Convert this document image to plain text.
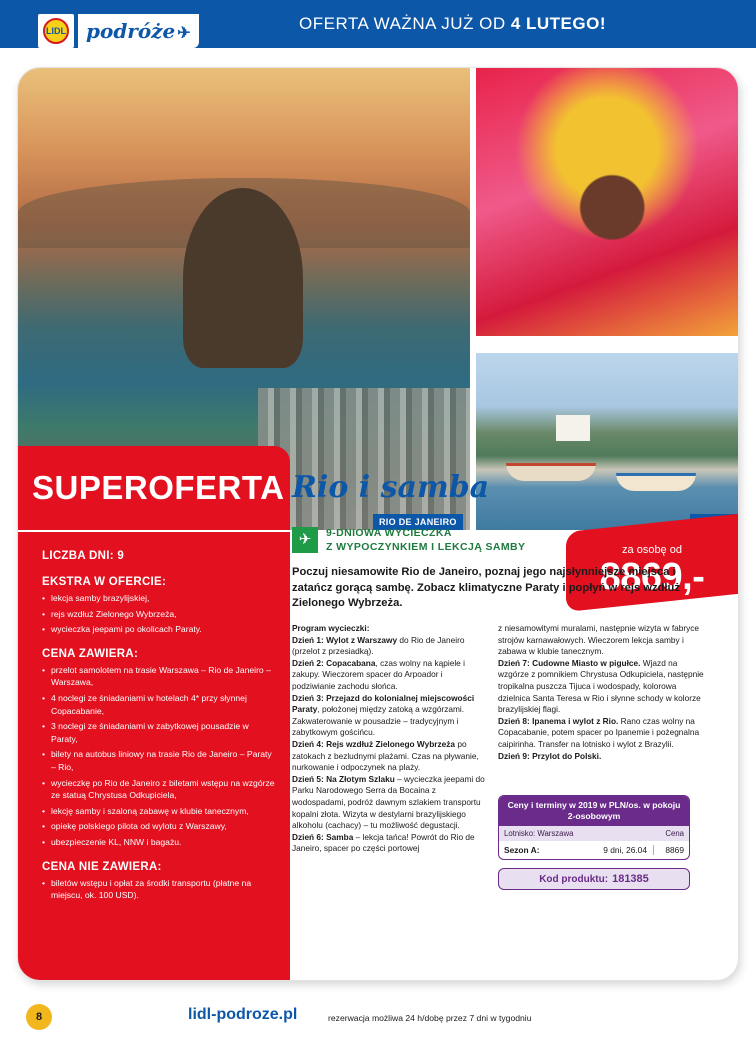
LIDL	podróże ✈	OFERTA WAŻNA JUŻ OD 4 LUTEGO!
RIO DE JANEIRO
SUPEROFERTA
LICZBA DNI: 9
EKSTRA W OFERCIE:
• lekcja samby brazylijskiej,
• rejs wzdłuż Zielonego Wybrzeża,
• wycieczka jeepami po okolicach Paraty.
CENA ZAWIERA:
• przelot samolotem na trasie Warszawa – Rio de Janeiro – Warszawa,
• 4 noclegi ze śniadaniami w hotelach 4* przy słynnej Copacabanie,
• 3 noclegi ze śniadaniami w zabytkowej pousadzie w Paraty,
• bilety na autobus liniowy na trasie Rio de Janeiro – Paraty – Rio,
• wycieczkę po Rio de Janeiro z biletami wstępu na wzgórze ze statuą Chrystusa Odkupiciela,
• lekcję samby i szaloną zabawę w klubie tanecznym,
• opiekę polskiego pilota od wylotu z Warszawy,
• ubezpieczenie KL, NNW i bagażu.
CENA NIE ZAWIERA:
• biletów wstępu i opłat za środki transportu (płatne na miejscu, ok. 100 USD).
za osobę od
8869,-
Rio i samba
✈	9-DNIOWA WYCIECZKA
Z WYPOCZYNKIEM I LEKCJĄ SAMBY
Poczuj niesamowite Rio de Janeiro, poznaj jego najsłynniejsze miejsca i zatańcz gorącą sambę. Zobacz klimatyczne Paraty i popłyń w rejs wzdłuż Zielonego Wybrzeża.
Program wycieczki:
Dzień 1: Wylot z Warszawy do Rio de Janeiro (przelot z przesiadką).
Dzień 2: Copacabana, czas wolny na kąpiele i zakupy. Wieczorem spacer do Arpoador i podziwianie zachodu słońca.
Dzień 3: Przejazd do kolonialnej miejscowości Paraty, położonej między zatoką a wzgórzami. Zakwaterowanie w pousadzie – tradycyjnym i zabytkowym gościńcu.
Dzień 4: Rejs wzdłuż Zielonego Wybrzeża po zatokach z bezludnymi plażami. Czas na pływanie, nurkowanie i odpoczynek na plaży.
Dzień 5: Na Złotym Szlaku – wycieczka jeepami do Parku Narodowego Serra da Bocaina z wodospadami, podróż dawnym szlakiem transportu kopalni złota. Wizyta w destylarni brazylijskiego alkoholu (cachacy) – tu możliwość degustacji.
Dzień 6: Samba – lekcja tańca! Powrót do Rio de Janeiro, spacer po części portowej
z niesamowitymi muralami, następnie wizyta w fabryce strojów karnawałowych. Wieczorem lekcja samby i zabawa w klubie tanecznym.
Dzień 7: Cudowne Miasto w pigułce. Wjazd na wzgórze z pomnikiem Chrystusa Odkupiciela, następnie tropikalna puszcza Tijuca i wodospady, kolorowa dzielnica Santa Teresa w Rio i słynne schody w kolorze brazylijskiej flagi.
Dzień 8: Ipanema i wylot z Rio. Rano czas wolny na Copacabanie, potem spacer po Ipanemie i pożegnalna caipirinha. Transfer na lotnisko i wylot z Brazylii.
Dzień 9: Przylot do Polski.
Ceny i terminy w 2019 w PLN/os. w pokoju 2-osobowym
Lotnisko: Warszawa	Cena
Sezon A:	9 dni, 26.04	8869
Kod produktu: 181385
8	lidl-podroze.pl	rezerwacja możliwa 24 h/dobę przez 7 dni w tygodniu
